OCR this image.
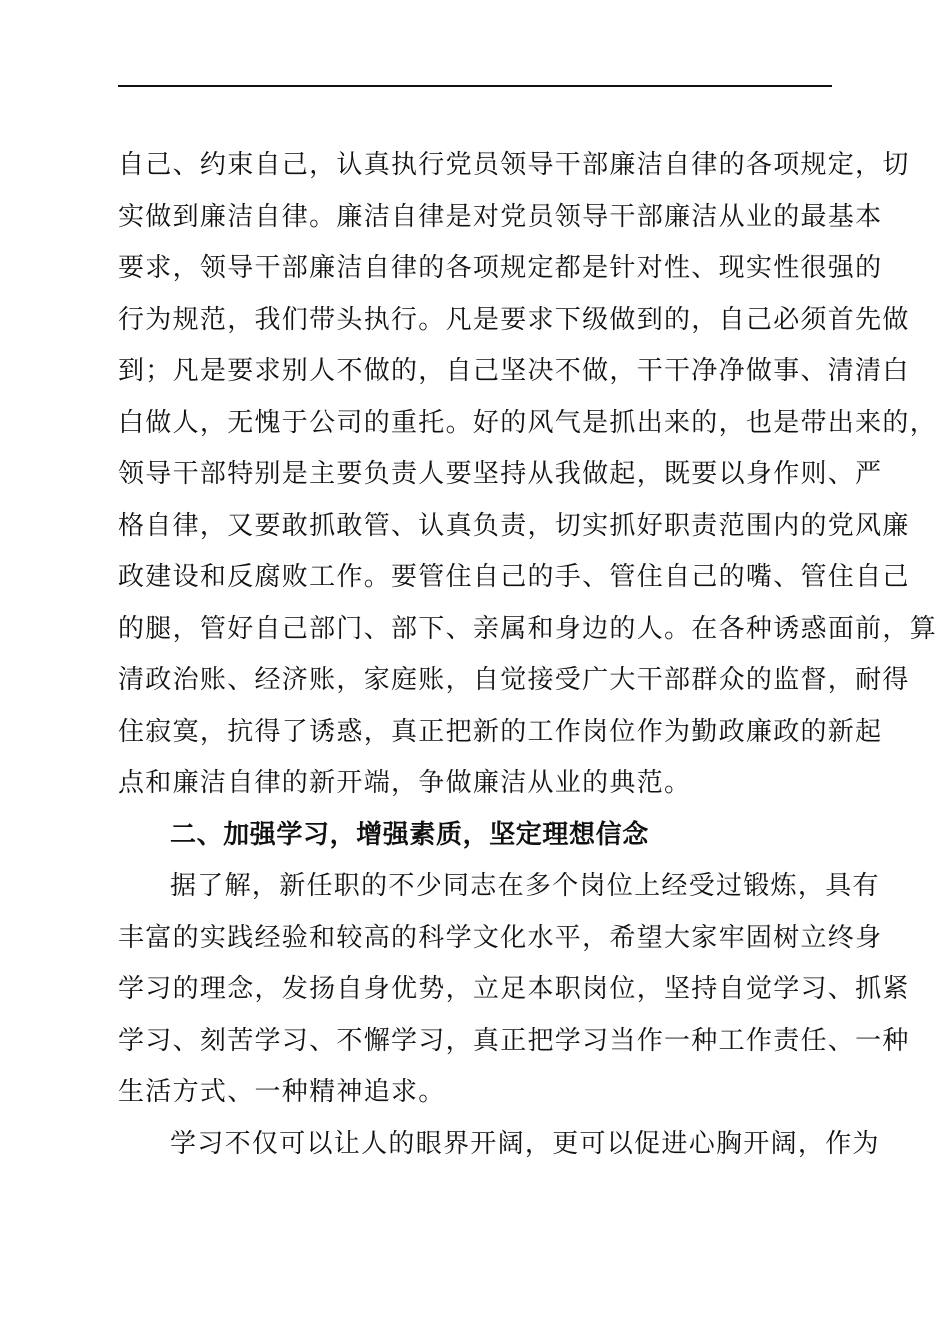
自己、约束自己，认真执行党员领导干部廉洁自律的各项规定，切
实做到廉洁自律。廉洁自律是对党员领导干部廉洁从业的最基本
要求，领导干部廉洁自律的各项规定都是针对性、现实性很强的
行为规范，我们带头执行。凡是要求下级做到的，自己必须首先做
到；凡是要求别人不做的，自己坚决不做，干干净净做事、清清白
白做人，无愧于公司的重托。好的风气是抓出来的，也是带出来的，
领导干部特别是主要负责人要坚持从我做起，既要以身作则、严
格自律，又要敢抓敢管、认真负责，切实抓好职责范围内的党风廉
政建设和反腐败工作。要管住自己的手、管住自己的嘴、管住自己
的腿，管好自己部门、部下、亲属和身边的人。在各种诱惑面前，算
清政治账、经济账，家庭账，自觉接受广大干部群众的监督，耐得
住寂寞，抗得了诱惑，真正把新的工作岗位作为勤政廉政的新起
点和廉洁自律的新开端，争做廉洁从业的典范。
二、加强学习，增强素质，坚定理想信念
据了解，新任职的不少同志在多个岗位上经受过锻炼，具有
丰富的实践经验和较高的科学文化水平，希望大家牢固树立终身
学习的理念，发扬自身优势，立足本职岗位，坚持自觉学习、抓紧
学习、刻苦学习、不懈学习，真正把学习当作一种工作责任、一种
生活方式、一种精神追求。
学习不仅可以让人的眼界开阔，更可以促进心胸开阔，作为
